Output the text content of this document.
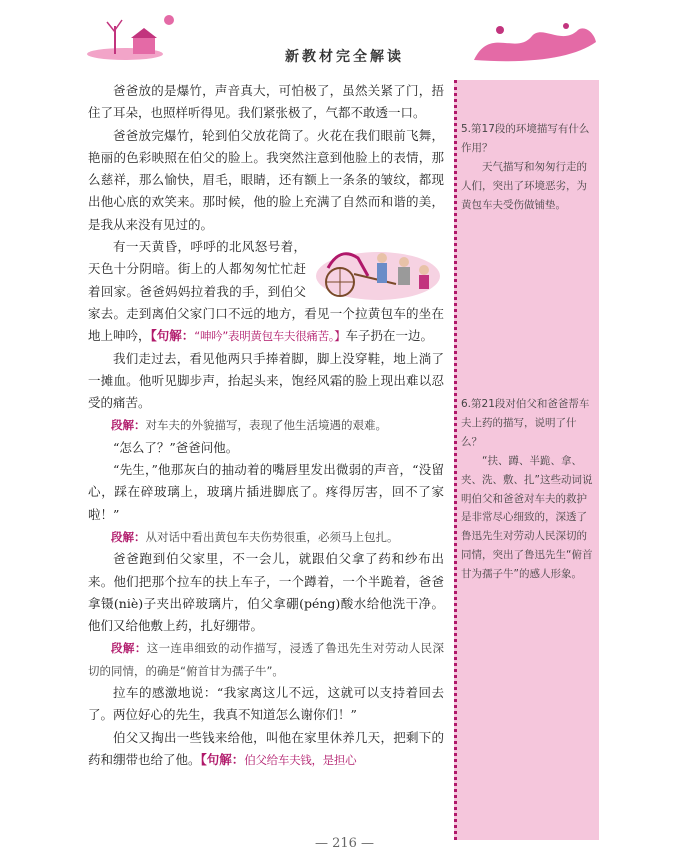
新教材完全解读
5.第17段的环境描写有什么作用？
天气描写和匆匆行走的人们，突出了环境恶劣，为黄包车夫受伤做铺垫。
6.第21段对伯父和爸爸帮车夫上药的描写，说明了什么？
“扶、蹲、半跪、拿、夹、洗、敷、扎”这些动词说明伯父和爸爸对车夫的救护是非常尽心细致的，深透了鲁迅先生对劳动人民深切的同情，突出了鲁迅先生“俯首甘为孺子牛”的感人形象。

爸爸放的是爆竹，声音真大，可怕极了，虽然关紧了门，捂住了耳朵，也照样听得见。我们紧张极了，气都不敢透一口。

爸爸放完爆竹，轮到伯父放花筒了。火花在我们眼前飞舞，艳丽的色彩映照在伯父的脸上。我突然注意到他脸上的表情，那么慈祥，那么愉快，眉毛，眼睛，还有额上一条条的皱纹，都现出他心底的欢笑来。那时候，他的脸上充满了自然而和谐的美，是我从来没有见过的。

有一天黄昏，呼呼的北风怒号着，天色十分阴暗。街上的人都匆匆忙忙赶着回家。爸爸妈妈拉着我的手，到伯父家去。走到离伯父家门口不远的地方，看见一个拉黄包车的坐在地上呻吟，【句解：“呻吟”表明黄包车夫很痛苦。】车子扔在一边。

我们走过去，看见他两只手捧着脚，脚上没穿鞋，地上淌了一摊血。他听见脚步声，抬起头来，饱经风霜的脸上现出难以忍受的痛苦。

段解：对车夫的外貌描写，表现了他生活境遇的艰难。

“怎么了？”爸爸问他。

“先生，”他那灰白的抽动着的嘴唇里发出微弱的声音，“没留心，踩在碎玻璃上，玻璃片插进脚底了。疼得厉害，回不了家啦！”

段解：从对话中看出黄包车夫伤势很重，必须马上包扎。

爸爸跑到伯父家里，不一会儿，就跟伯父拿了药和纱布出来。他们把那个拉车的扶上车子，一个蹲着，一个半跪着，爸爸拿镊(niè)子夹出碎玻璃片，伯父拿硼(péng)酸水给他洗干净。他们又给他敷上药，扎好绷带。

段解：这一连串细致的动作描写，浸透了鲁迅先生对劳动人民深切的同情，的确是“俯首甘为孺子牛”。

拉车的感激地说：“我家离这儿不远，这就可以支持着回去了。两位好心的先生，我真不知道怎么谢你们！”

伯父又掏出一些钱来给他，叫他在家里休养几天，把剩下的药和绷带也给了他。【句解：伯父给车夫钱，是担心

— 216 —
